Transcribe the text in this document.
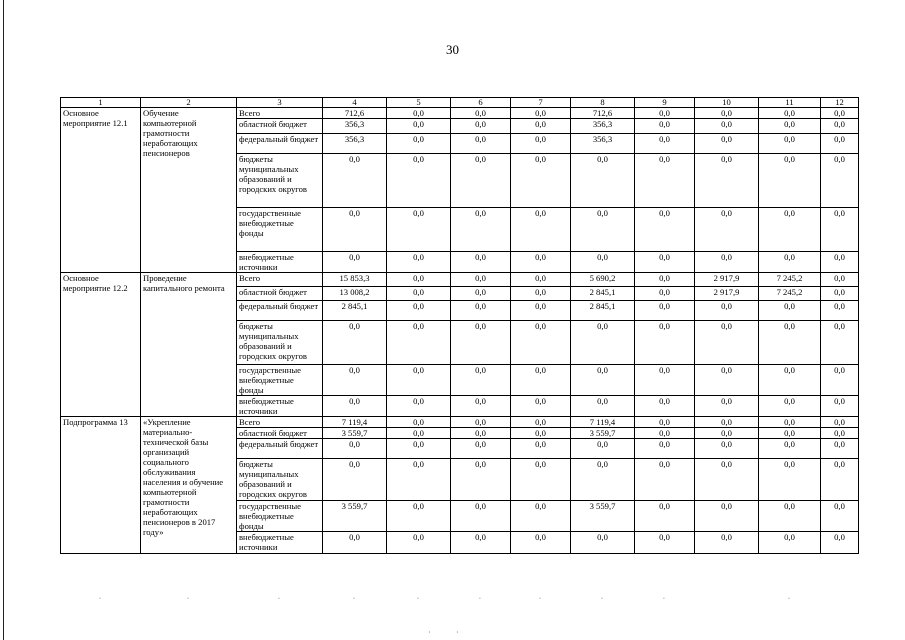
30
1	2	3	4	5	6	7	8	9	10	11	12
Основное мероприятие 12.1	Обучение компьютерной грамотности неработающих пенсионеров	Всего	712,6	0,0	0,0	0,0	712,6	0,0	0,0	0,0	0,0
		областной бюджет	356,3	0,0	0,0	0,0	356,3	0,0	0,0	0,0	0,0
		федеральный бюджет	356,3	0,0	0,0	0,0	356,3	0,0	0,0	0,0	0,0
		бюджеты муниципальных образований и городских округов	0,0	0,0	0,0	0,0	0,0	0,0	0,0	0,0	0,0
		государственные внебюджетные фонды	0,0	0,0	0,0	0,0	0,0	0,0	0,0	0,0	0,0
		внебюджетные источники	0,0	0,0	0,0	0,0	0,0	0,0	0,0	0,0	0,0
Основное мероприятие 12.2	Проведение капитального ремонта	Всего	15 853,3	0,0	0,0	0,0	5 690,2	0,0	2 917,9	7 245,2	0,0
		областной бюджет	13 008,2	0,0	0,0	0,0	2 845,1	0,0	2 917,9	7 245,2	0,0
		федеральный бюджет	2 845,1	0,0	0,0	0,0	2 845,1	0,0	0,0	0,0	0,0
		бюджеты муниципальных образований и городских округов	0,0	0,0	0,0	0,0	0,0	0,0	0,0	0,0	0,0
		государственные внебюджетные фонды	0,0	0,0	0,0	0,0	0,0	0,0	0,0	0,0	0,0
		внебюджетные источники	0,0	0,0	0,0	0,0	0,0	0,0	0,0	0,0	0,0
Подпрограмма 13	«Укрепление материально-технической базы организаций социального обслуживания населения и обучение компьютерной грамотности неработающих пенсионеров в 2017 году»	Всего	7 119,4	0,0	0,0	0,0	7 119,4	0,0	0,0	0,0	0,0
		областной бюджет	3 559,7	0,0	0,0	0,0	3 559,7	0,0	0,0	0,0	0,0
		федеральный бюджет	0,0	0,0	0,0	0,0	0,0	0,0	0,0	0,0	0,0
		бюджеты муниципальных образований и городских округов	0,0	0,0	0,0	0,0	0,0	0,0	0,0	0,0	0,0
		государственные внебюджетные фонды	3 559,7	0,0	0,0	0,0	3 559,7	0,0	0,0	0,0	0,0
		внебюджетные источники	0,0	0,0	0,0	0,0	0,0	0,0	0,0	0,0	0,0
ˌ	ˌ	ˌ	ˌ	ˌ	ˌ	ˌ	ˌ	ˌ	ˌ
·	·
